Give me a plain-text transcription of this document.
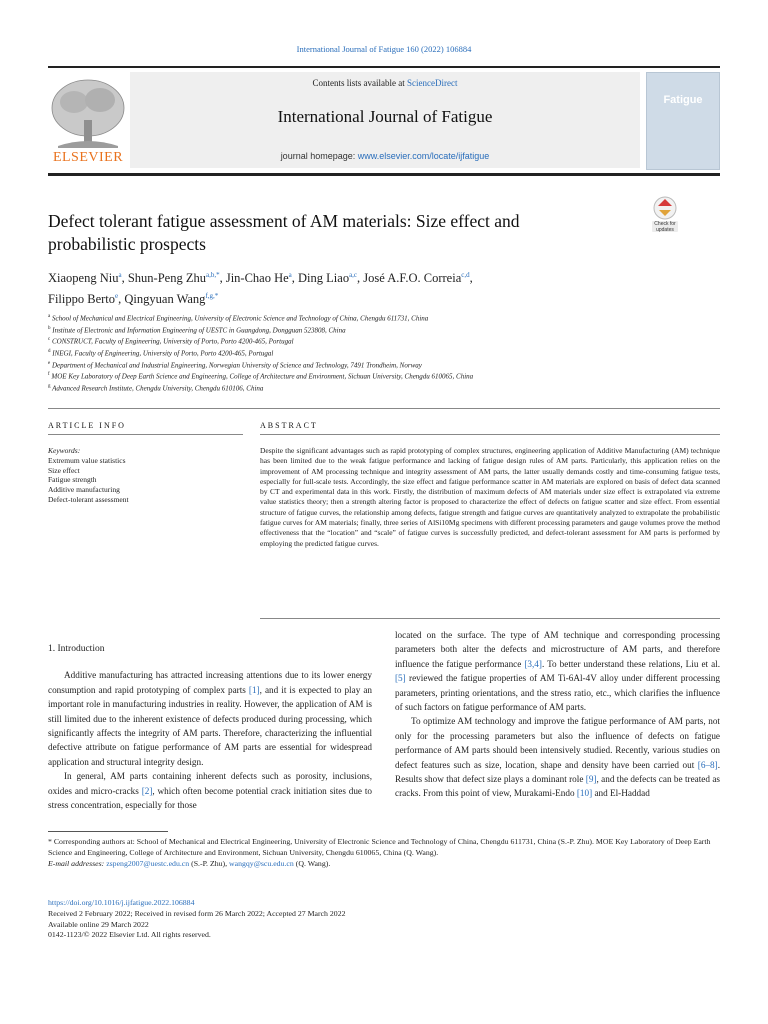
International Journal of Fatigue 160 (2022) 106884
ELSEVIER
Contents lists available at ScienceDirect
International Journal of Fatigue
journal homepage: www.elsevier.com/locate/ijfatigue
Fatigue
Check for updates
Defect tolerant fatigue assessment of AM materials: Size effect and probabilistic prospects
Xiaopeng Niu$^a$, Shun-Peng Zhu$^{a,b,*}$, Jin-Chao He$^a$, Ding Liao$^{a,c}$, José A.F.O. Correia$^{c,d}$,
Filippo Berto$^e$, Qingyuan Wang$^{f,g,*}$
$^a$ School of Mechanical and Electrical Engineering, University of Electronic Science and Technology of China, Chengdu 611731, China
$^b$ Institute of Electronic and Information Engineering of UESTC in Guangdong, Dongguan 523808, China
$^c$ CONSTRUCT, Faculty of Engineering, University of Porto, Porto 4200-465, Portugal
$^d$ INEGI, Faculty of Engineering, University of Porto, Porto 4200-465, Portugal
$^e$ Department of Mechanical and Industrial Engineering, Norwegian University of Science and Technology, 7491 Trondheim, Norway
$^f$ MOE Key Laboratory of Deep Earth Science and Engineering, College of Architecture and Environment, Sichuan University, Chengdu 610065, China
$^g$ Advanced Research Institute, Chengdu University, Chengdu 610106, China
ARTICLE INFO	ABSTRACT
Keywords:
Extremum value statistics
Size effect
Fatigue strength
Additive manufacturing
Defect-tolerant assessment
Despite the significant advantages such as rapid prototyping of complex structures, engineering application of Additive Manufacturing (AM) technique has been limited due to the weak fatigue performance and lacking of fatigue design rules of AM parts. Particularly, this application relies on the improvement of AM processing technique and integrity assessment of AM parts, the latter usually demands costly and time-consuming fatigue tests, especially for full-scale tests. Accordingly, the size effect and fatigue performance scatter in AM materials are explored on basis of defect data scanned by CT and experimental data in this work. Firstly, the distribution of maximum defects of AM materials under size effect is extrapolated via extreme value statistics theory; then a strength altering factor is proposed to characterize the effect of defects on fatigue scatter and size effect. From essential structure of fatigue curves, the relationship among defects, fatigue strength and fatigue curves are quantitatively analyzed to extrapolate the probabilistic fatigue curves for AM materials; finally, three series of AlSi10Mg specimens with different processing parameters and gauge volumes prove the method effectiveness that the “location” and “scale” of fatigue curves is successfully predicted, and defect-tolerant assessment for AM parts is performed by employing the predicted fatigue curves.
1. Introduction

Additive manufacturing has attracted increasing attentions due to its lower energy consumption and rapid prototyping of complex parts [1], and it is expected to play an important role in manufacturing industries in reality. However, the application of AM is still limited due to the inherent existence of defects produced during processing, which significantly affects the integrity of AM parts. Therefore, characterizing the influential defective attribute on fatigue performance of AM parts are essential for widespread application and structural integrity design.

In general, AM parts containing inherent defects such as porosity, inclusions, oxides and micro-cracks [2], which often become potential crack initiation sites due to stress concentration, especially for those

located on the surface. The type of AM technique and corresponding processing parameters both alter the defects and microstructure of AM parts, and therefore influence the fatigue performance [3,4]. To better understand these relations, Liu et al. [5] reviewed the fatigue properties of AM Ti-6Al-4V alloy under different processing parameters, printing orientations, and the stress ratio, etc., which clarifies the influence of such factors on fatigue performance of AM parts.

To optimize AM technology and improve the fatigue performance of AM parts, not only for the processing parameters but also the influence of defects on fatigue performance of AM parts should been intensively studied. Recently, various studies on defect features such as size, location, shape and density have been carried out [6–8]. Results show that defect size plays a dominant role [9], and the defects can be treated as cracks. From this point of view, Murakami-Endo [10] and El-Haddad

* Corresponding authors at: School of Mechanical and Electrical Engineering, University of Electronic Science and Technology of China, Chengdu 611731, China (S.-P. Zhu). MOE Key Laboratory of Deep Earth Science and Engineering, College of Architecture and Environment, Sichuan University, Chengdu 610065, China (Q. Wang).
E-mail addresses: zspeng2007@uestc.edu.cn (S.-P. Zhu), wangqy@scu.edu.cn (Q. Wang).
https://doi.org/10.1016/j.ijfatigue.2022.106884
Received 2 February 2022; Received in revised form 26 March 2022; Accepted 27 March 2022
Available online 29 March 2022
0142-1123/© 2022 Elsevier Ltd. All rights reserved.
